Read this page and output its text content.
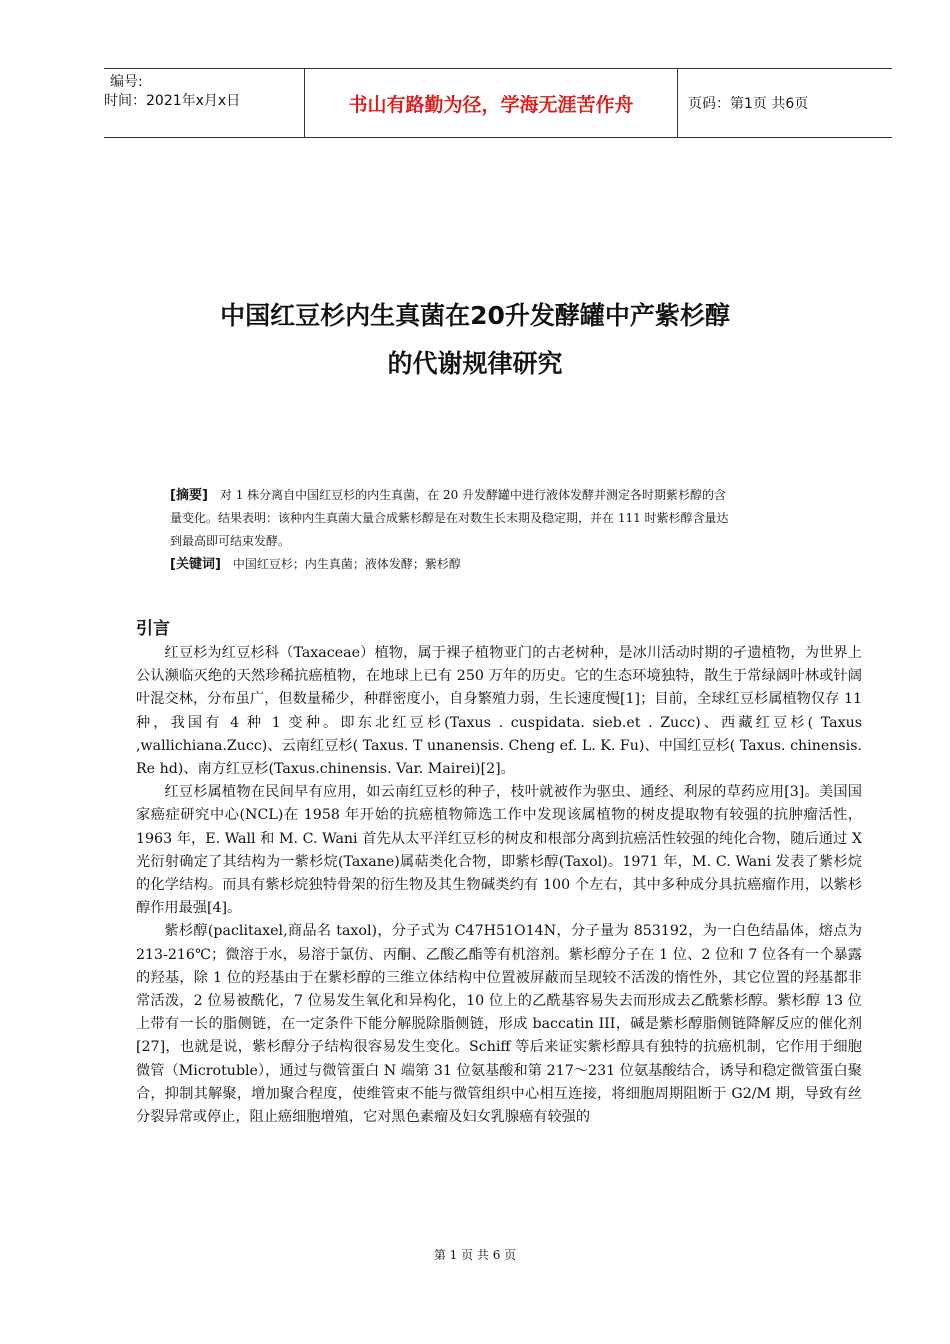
编号:
时间：2021年x月x日	书山有路勤为径，学海无涯苦作舟	页码：第1页 共6页
中国红豆杉内生真菌在20升发酵罐中产紫杉醇
的代谢规律研究
[摘要] 对 1 株分离自中国红豆杉的内生真菌，在 20 升发酵罐中进行液体发酵并测定各时期紫杉醇的含
量变化。结果表明：该种内生真菌大量合成紫杉醇是在对数生长末期及稳定期，并在 111 时紫杉醇含量达
到最高即可结束发酵。
[关键词] 中国红豆杉；内生真菌；液体发酵；紫杉醇
引言

红豆杉为红豆杉科（Taxaceae）植物，属于裸子植物亚门的古老树种，是冰川活动时期的孑遗植物，为世界上公认濒临灭绝的天然珍稀抗癌植物，在地球上已有 250 万年的历史。它的生态环境独特，散生于常绿阔叶林或针阔叶混交林，分布虽广，但数量稀少，种群密度小，自身繁殖力弱，生长速度慢[1]；目前，全球红豆杉属植物仅存 11 种，我国有 4 种 1 变种。即东北红豆杉(Taxus . cuspidata. sieb.et . Zucc)、西藏红豆杉( Taxus ,wallichiana.Zucc)、云南红豆杉( Taxus. T unanensis. Cheng ef. L. K. Fu)、中国红豆杉( Taxus. chinensis. Re hd)、南方红豆杉(Taxus.chinensis. Var. Mairei)[2]。

红豆杉属植物在民间早有应用，如云南红豆杉的种子，枝叶就被作为驱虫、通经、利尿的草药应用[3]。美国国家癌症研究中心(NCL)在 1958 年开始的抗癌植物筛选工作中发现该属植物的树皮提取物有较强的抗肿瘤活性，1963 年，E. Wall 和 M. C. Wani 首先从太平洋红豆杉的树皮和根部分离到抗癌活性较强的纯化合物，随后通过 X 光衍射确定了其结构为一紫杉烷(Taxane)属萜类化合物，即紫杉醇(Taxol)。1971 年，M. C. Wani 发表了紫杉烷的化学结构。而具有紫杉烷独特骨架的衍生物及其生物碱类约有 100 个左右，其中多种成分具抗癌瘤作用，以紫杉醇作用最强[4]。

紫杉醇(paclitaxel,商品名 taxol)，分子式为 C47H51O14N，分子量为 853192，为一白色结晶体，熔点为 213-216℃；微溶于水，易溶于氯仿、丙酮、乙酸乙酯等有机溶剂。紫杉醇分子在 1 位、2 位和 7 位各有一个暴露的羟基，除 1 位的羟基由于在紫杉醇的三维立体结构中位置被屏蔽而呈现较不活泼的惰性外，其它位置的羟基都非常活泼，2 位易被酰化，7 位易发生氧化和异构化，10 位上的乙酰基容易失去而形成去乙酰紫杉醇。紫杉醇 13 位上带有一长的脂侧链，在一定条件下能分解脱除脂侧链，形成 baccatin III，碱是紫杉醇脂侧链降解反应的催化剂[27]，也就是说，紫杉醇分子结构很容易发生变化。Schiff 等后来证实紫杉醇具有独特的抗癌机制，它作用于细胞微管（Microtuble），通过与微管蛋白 N 端第 31 位氨基酸和第 217～231 位氨基酸结合，诱导和稳定微管蛋白聚合，抑制其解聚，增加聚合程度，使维管束不能与微管组织中心相互连接，将细胞周期阻断于 G2/M 期，导致有丝分裂异常或停止，阻止癌细胞增殖，它对黑色素瘤及妇女乳腺癌有较强的

第 1 页 共 6 页
